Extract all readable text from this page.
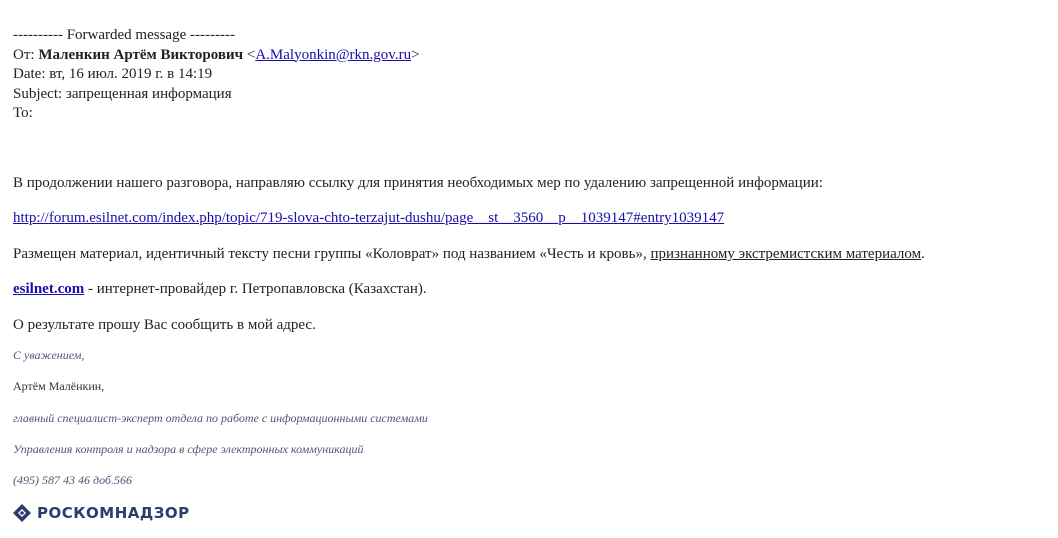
---------- Forwarded message ---------
От: Маленкин Артём Викторович <A.Malyonkin@rkn.gov.ru>
Date: вт, 16 июл. 2019 г. в 14:19
Subject: запрещенная информация
To:

В продолжении нашего разговора, направляю ссылку для принятия необходимых мер по удалению запрещенной информации:

http://forum.esilnet.com/index.php/topic/719-slova-chto-terzajut-dushu/page__st__3560__p__1039147#entry1039147

Размещен материал, идентичный тексту песни группы «Коловрат» под названием «Честь и кровь», признанному экстремистским материалом.

esilnet.com - интернет-провайдер г. Петропавловска (Казахстан).

О результате прошу Вас сообщить в мой адрес.

С уважением,
Артём Малёнкин,
главный специалист-эксперт отдела по работе с информационными системами
Управления контроля и надзора в сфере электронных коммуникаций
(495) 587 43 46 доб.566
РОСКОМНАДЗОР
